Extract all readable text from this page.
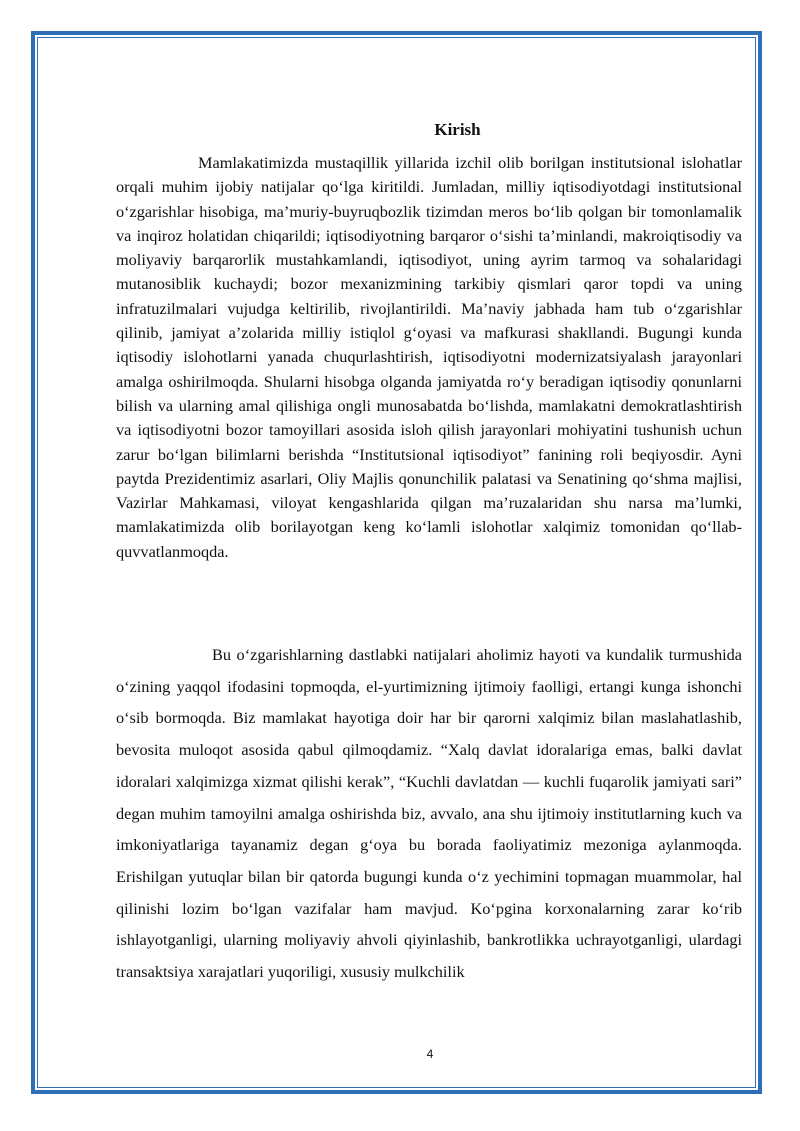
Kirish

Mamlakatimizda mustaqillik yillarida izchil olib borilgan institutsional islohatlar orqali muhim ijobiy natijalar qo‘lga kiritildi. Jumladan, milliy iqtisodiyotdagi institutsional o‘zgarishlar hisobiga, ma’muriy-buyruqbozlik tizimdan meros bo‘lib qolgan bir tomonlamalik va inqiroz holatidan chiqarildi; iqtisodiyotning barqaror o‘sishi ta’minlandi, makroiqtisodiy va moliyaviy barqarorlik mustahkamlandi, iqtisodiyot, uning ayrim tarmoq va sohalaridagi mutanosiblik kuchaydi; bozor mexanizmining tarkibiy qismlari qaror topdi va uning infratuzilmalari vujudga keltirilib, rivojlantirildi. Ma’naviy jabhada ham tub o‘zgarishlar qilinib, jamiyat a’zolarida milliy istiqlol g‘oyasi va mafkurasi shakllandi. Bugungi kunda iqtisodiy islohotlarni yanada chuqurlashtirish, iqtisodiyotni modernizatsiyalash jarayonlari amalga oshirilmoqda. Shularni hisobga olganda jamiyatda ro‘y beradigan iqtisodiy qonunlarni bilish va ularning amal qilishiga ongli munosabatda bo‘lishda, mamlakatni demokratlashtirish va iqtisodiyotni bozor tamoyillari asosida isloh qilish jarayonlari mohiyatini tushunish uchun zarur bo‘lgan bilimlarni berishda “Institutsional iqtisodiyot” fanining roli beqiyosdir. Ayni paytda Prezidentimiz asarlari, Oliy Majlis qonunchilik palatasi va Senatining qo‘shma majlisi, Vazirlar Mahkamasi, viloyat kengashlarida qilgan ma’ruzalaridan shu narsa ma’lumki, mamlakatimizda olib borilayotgan keng ko‘lamli islohotlar xalqimiz tomonidan qo‘llab-quvvatlanmoqda.

Bu o‘zgarishlarning dastlabki natijalari aholimiz hayoti va kundalik turmushida o‘zining yaqqol ifodasini topmoqda, el-yurtimizning ijtimoiy faolligi, ertangi kunga ishonchi o‘sib bormoqda. Biz mamlakat hayotiga doir har bir qarorni xalqimiz bilan maslahatlashib, bevosita muloqot asosida qabul qilmoqdamiz. “Xalq davlat idoralariga emas, balki davlat idoralari xalqimizga xizmat qilishi kerak”, “Kuchli davlatdan — kuchli fuqarolik jamiyati sari” degan muhim tamoyilni amalga oshirishda biz, avvalo, ana shu ijtimoiy institutlarning kuch va imkoniyatlariga tayanamiz degan g‘oya bu borada faoliyatimiz mezoniga aylanmoqda. Erishilgan yutuqlar bilan bir qatorda bugungi kunda o‘z yechimini topmagan muammolar, hal qilinishi lozim bo‘lgan vazifalar ham mavjud. Ko‘pgina korxonalarning zarar ko‘rib ishlayotganligi, ularning moliyaviy ahvoli qiyinlashib, bankrotlikka uchrayotganligi, ulardagi transaktsiya xarajatlari yuqoriligi, xususiy mulkchilik

4
